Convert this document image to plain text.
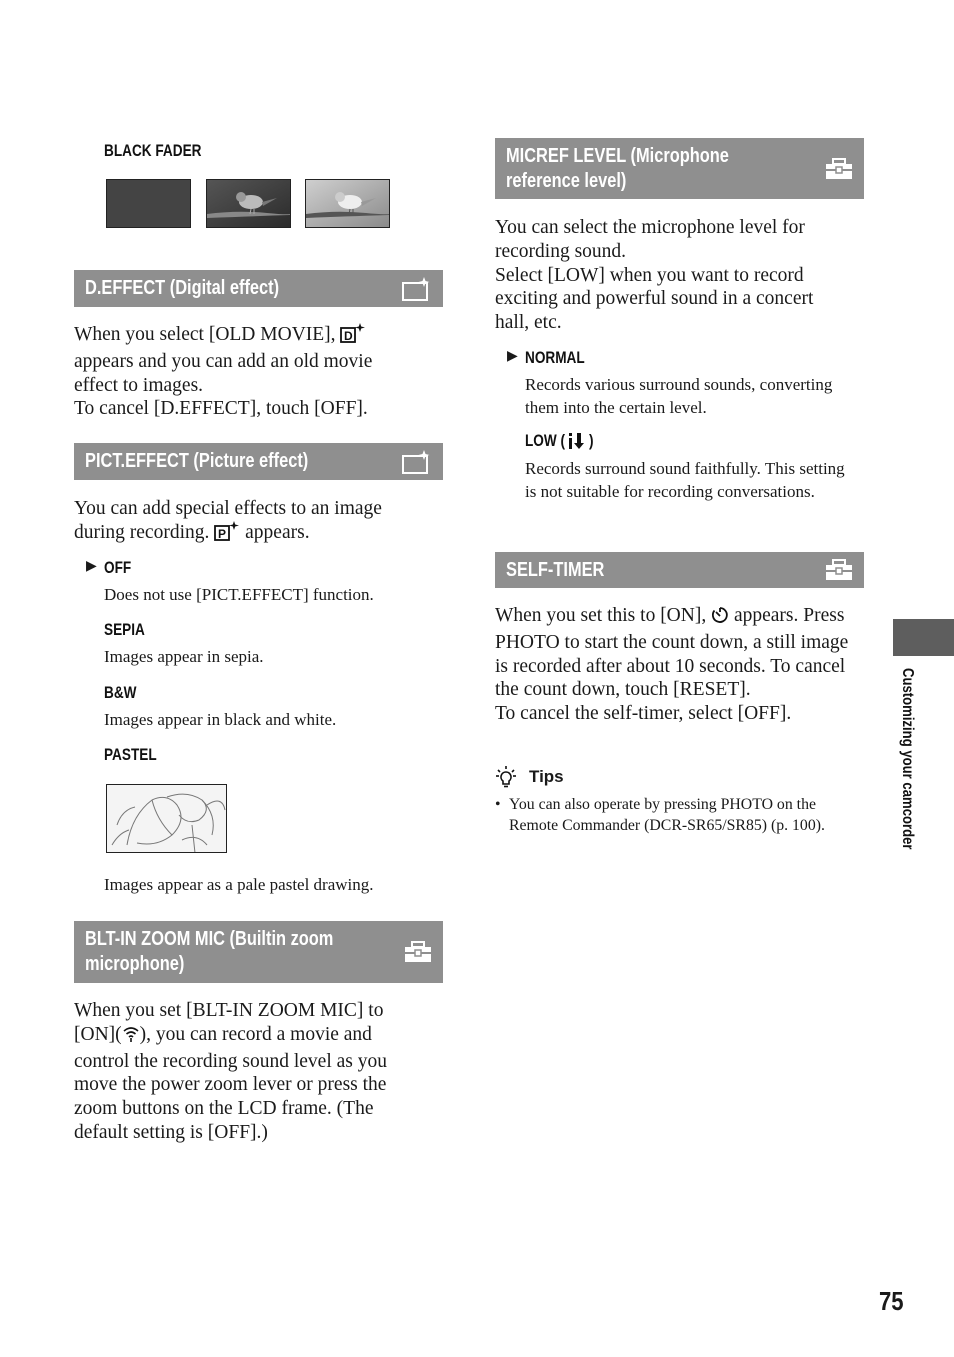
BLACK FADER
D.EFFECT (Digital effect)

When you select [OLD MOVIE], D
appears and you can add an old movie effect to images.

To cancel [D.EFFECT], touch [OFF].

PICT.EFFECT (Picture effect)

You can add special effects to an image during recording. P appears.

▶ OFF

Does not use [PICT.EFFECT] function.

SEPIA

Images appear in sepia.

B&W

Images appear in black and white.

PASTEL

Images appear as a pale pastel drawing.

BLT-IN ZOOM MIC (Builtin zoom
microphone)

When you set [BLT-IN ZOOM MIC] to [ON]( ), you can record a movie and control the recording sound level as you move the power zoom lever or press the zoom buttons on the LCD frame. (The default setting is [OFF].)

MICREF LEVEL (Microphone
reference level)

You can select the microphone level for recording sound.

Select [LOW] when you want to record exciting and powerful sound in a concert hall, etc.

▶ NORMAL

Records various surround sounds, converting them into the certain level.

LOW ( )

Records surround sound faithfully. This setting is not suitable for recording conversations.

SELF-TIMER

When you set this to [ON], appears. Press PHOTO to start the count down, a still image is recorded after about 10 seconds. To cancel the count down, touch [RESET].

To cancel the self-timer, select [OFF].

Tips
• You can also operate by pressing PHOTO on the Remote Commander (DCR-SR65/SR85) (p. 100).	Customizing your camcorder
75
